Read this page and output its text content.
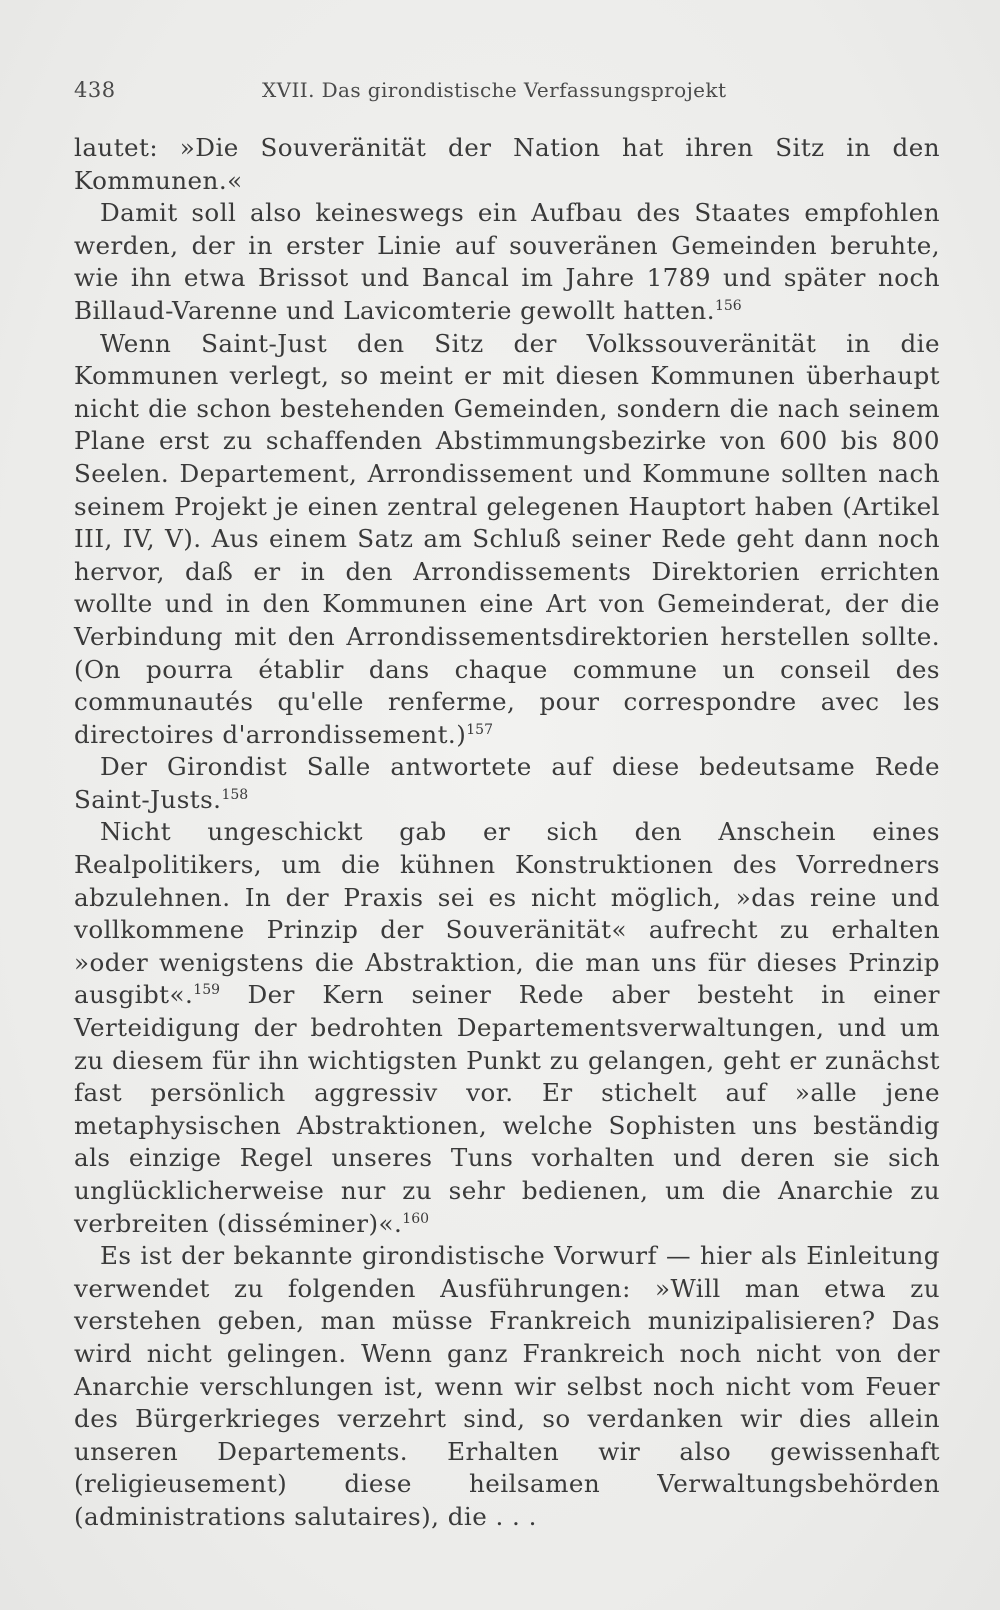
438	XVII. Das girondistische Verfassungsprojekt

lautet: »Die Souveränität der Nation hat ihren Sitz in den Kommunen.«

Damit soll also keineswegs ein Aufbau des Staates empfohlen werden, der in erster Linie auf souveränen Gemeinden beruhte, wie ihn etwa Brissot und Bancal im Jahre 1789 und später noch Billaud-Varenne und Lavicomterie gewollt hatten.$^{156}$

Wenn Saint-Just den Sitz der Volkssouveränität in die Kommunen verlegt, so meint er mit diesen Kommunen überhaupt nicht die schon bestehenden Gemeinden, sondern die nach seinem Plane erst zu schaffenden Abstimmungsbezirke von 600 bis 800 Seelen. Departement, Arrondissement und Kommune sollten nach seinem Projekt je einen zentral gelegenen Hauptort haben (Artikel III, IV, V). Aus einem Satz am Schluß seiner Rede geht dann noch hervor, daß er in den Arrondissements Direktorien errichten wollte und in den Kommunen eine Art von Gemeinderat, der die Verbindung mit den Arrondissementsdirektorien herstellen sollte. (On pourra établir dans chaque commune un conseil des communautés qu'elle renferme, pour correspondre avec les directoires d'arrondissement.)$^{157}$

Der Girondist Salle antwortete auf diese bedeutsame Rede Saint-Justs.$^{158}$

Nicht ungeschickt gab er sich den Anschein eines Realpolitikers, um die kühnen Konstruktionen des Vorredners abzulehnen. In der Praxis sei es nicht möglich, »das reine und vollkommene Prinzip der Souveränität« aufrecht zu erhalten »oder wenigstens die Abstraktion, die man uns für dieses Prinzip ausgibt«.$^{159}$ Der Kern seiner Rede aber besteht in einer Verteidigung der bedrohten Departementsverwaltungen, und um zu diesem für ihn wichtigsten Punkt zu gelangen, geht er zunächst fast persönlich aggressiv vor. Er stichelt auf »alle jene metaphysischen Abstraktionen, welche Sophisten uns beständig als einzige Regel unseres Tuns vorhalten und deren sie sich unglücklicherweise nur zu sehr bedienen, um die Anarchie zu verbreiten (disséminer)«.$^{160}$

Es ist der bekannte girondistische Vorwurf — hier als Einleitung verwendet zu folgenden Ausführungen: »Will man etwa zu verstehen geben, man müsse Frankreich munizipalisieren? Das wird nicht gelingen. Wenn ganz Frankreich noch nicht von der Anarchie verschlungen ist, wenn wir selbst noch nicht vom Feuer des Bürgerkrieges verzehrt sind, so verdanken wir dies allein unseren Departements. Erhalten wir also gewissenhaft (religieusement) diese heilsamen Verwaltungsbehörden (administrations salutaires), die . . .
